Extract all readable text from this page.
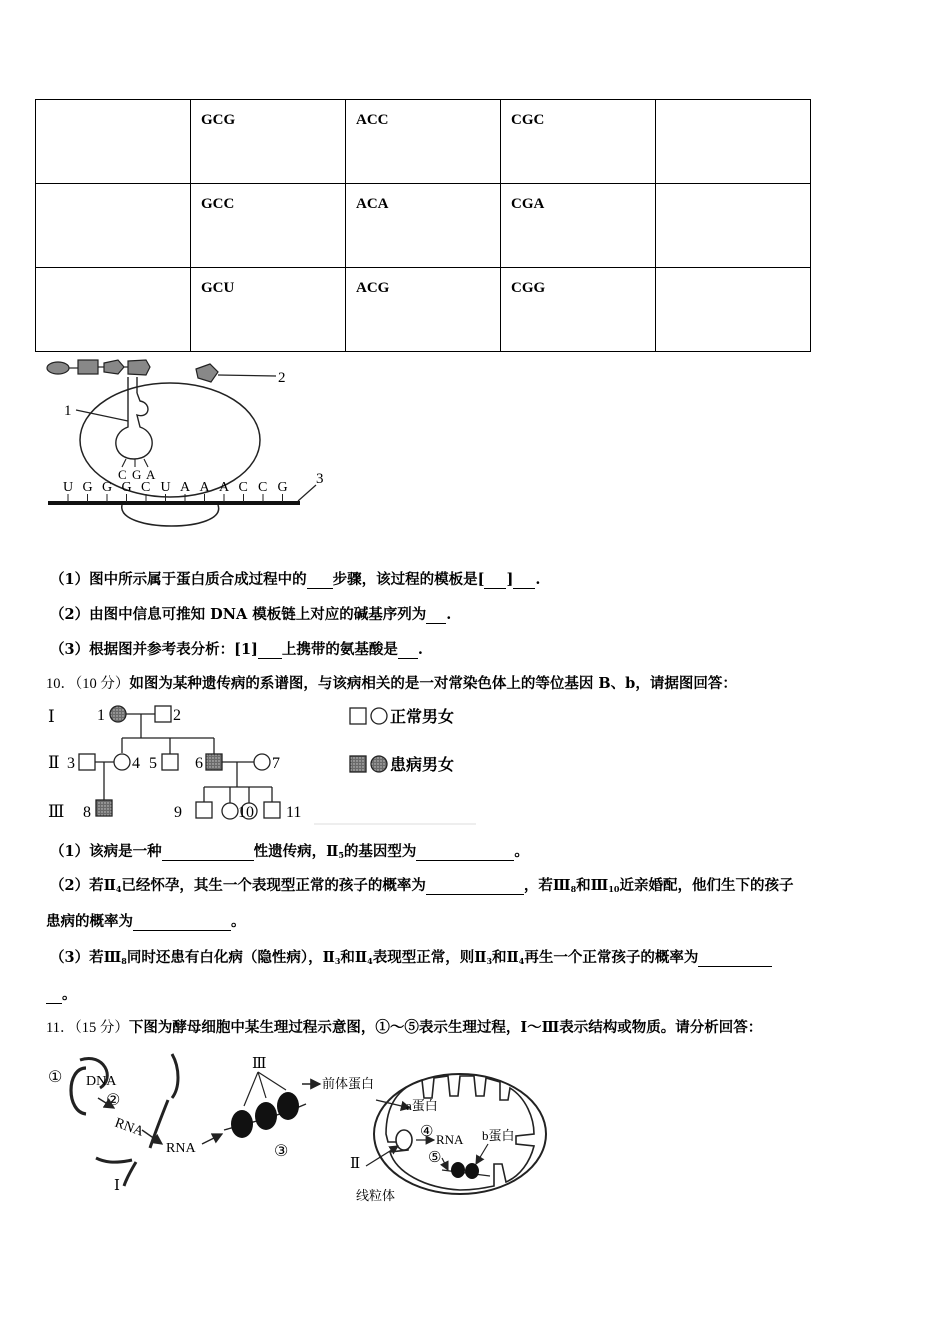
	GCG	ACC	CGC	
	GCC	ACA	CGA	
	GCU	ACG	CGG	
2
1
C G A	3
U G G G C U A A A C C G
（1）图中所示属于蛋白质合成过程中的 步骤，该过程的模板是[ ] .
（2）由图中信息可推知 DNA 模板链上对应的碱基序列为 .
（3）根据图并参考表分析：[1] 上携带的氨基酸是 .
10．（10 分）如图为某种遗传病的系谱图，与该病相关的是一对常染色体上的等位基因 B、b，请据图回答：
Ⅰ
Ⅱ
Ⅲ
1	2
3	4 5 6	7
8	9	10 11
正常男女
患病男女
（1）该病是一种	性遗传病，$Ⅱ_5$的基因型为	。
（2）若$Ⅱ_4$已经怀孕，其生一个表现型正常的孩子的概率为	，若$Ⅲ_8$和$Ⅲ_{10}$近亲婚配，他们生下的孩子
患病的概率为	。
（3）若$Ⅲ_8$同时还患有白化病（隐性病），$Ⅱ_3$和$Ⅱ_4$表现型正常，则$Ⅱ_3$和$Ⅱ_4$再生一个正常孩子的概率为
。
11．（15 分）下图为酵母细胞中某生理过程示意图，①～⑤表示生理过程，Ⅰ～Ⅲ表示结构或物质。请分析回答：
① DNA
②
RNA
RNA
Ⅰ
Ⅲ
③
前体蛋白
a蛋白
④ RNA b蛋白
⑤
Ⅱ
线粒体
